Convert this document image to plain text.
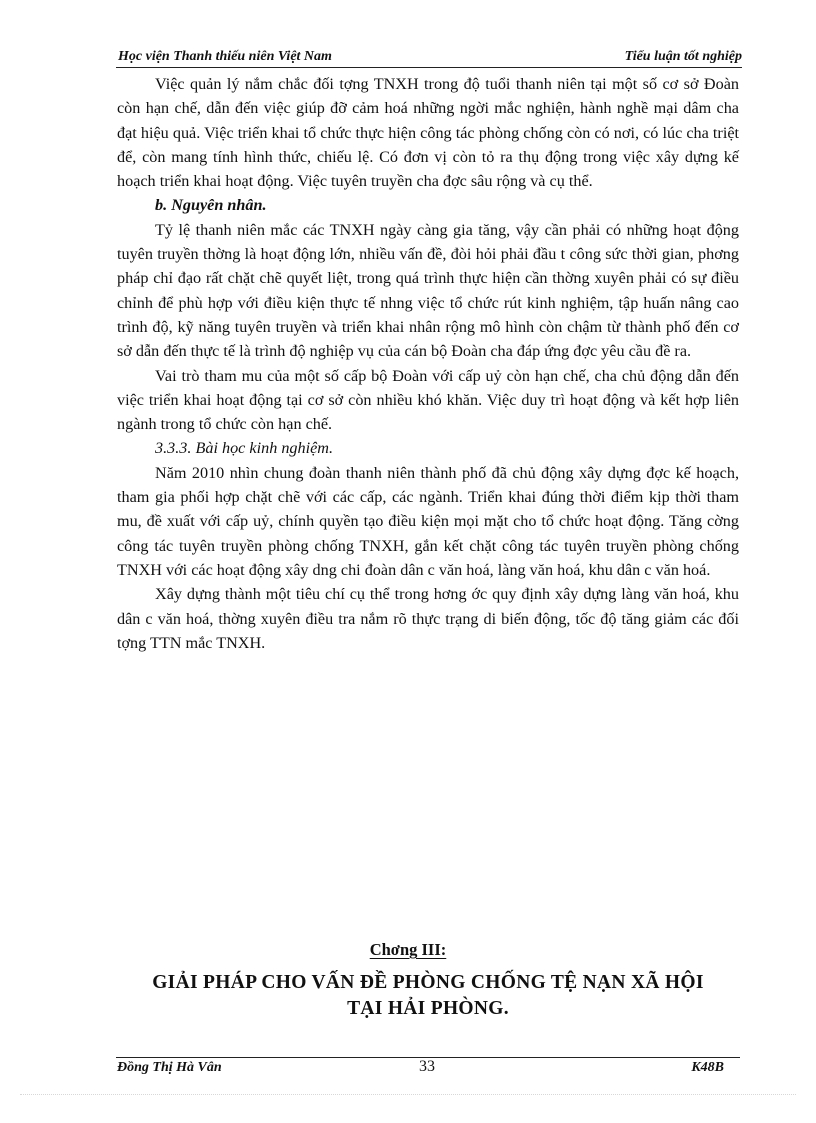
Học viện Thanh thiếu niên Việt Nam	Tiểu luận tốt nghiệp

Việc quản lý nắm chắc đối tợng TNXH trong độ tuổi thanh niên tại một số cơ sở Đoàn còn hạn chế, dẫn đến việc giúp đỡ cảm hoá những ngời mắc nghiện, hành nghề mại dâm cha đạt hiệu quả. Việc triển khai tổ chức thực hiện công tác phòng chống còn có nơi, có lúc cha triệt để, còn mang tính hình thức, chiếu lệ. Có đơn vị còn tỏ ra thụ động trong việc xây dựng kế hoạch triển khai hoạt động. Việc tuyên truyền cha đợc sâu rộng và cụ thể.

b. Nguyên nhân.

Tỷ lệ thanh niên mắc các TNXH ngày càng gia tăng, vậy cần phải có những hoạt động tuyên truyền thờng là hoạt động lớn, nhiều vấn đề, đòi hỏi phải đầu t công sức thời gian, phơng pháp chỉ đạo rất chặt chẽ quyết liệt, trong quá trình thực hiện cần thờng xuyên phải có sự điều chỉnh để phù hợp với điều kiện thực tế nhng việc tổ chức rút kinh nghiệm, tập huấn nâng cao trình độ, kỹ năng tuyên truyền và triển khai nhân rộng mô hình còn chậm từ thành phố đến cơ sở dẫn đến thực tế là trình độ nghiệp vụ của cán bộ Đoàn cha đáp ứng đợc yêu cầu đề ra.

Vai trò tham mu của một số cấp bộ Đoàn với cấp uỷ còn hạn chế, cha chủ động dẫn đến việc triển khai hoạt động tại cơ sở còn nhiều khó khăn. Việc duy trì hoạt động và kết hợp liên ngành trong tổ chức còn hạn chế.

3.3.3. Bài học kinh nghiệm.

Năm 2010 nhìn chung đoàn thanh niên thành phố đã chủ động xây dựng đợc kế hoạch, tham gia phối hợp chặt chẽ với các cấp, các ngành. Triển khai đúng thời điểm kịp thời tham mu, đề xuất với cấp uỷ, chính quyền tạo điều kiện mọi mặt cho tổ chức hoạt động. Tăng cờng công tác tuyên truyền phòng chống TNXH, gắn kết chặt công tác tuyên truyền phòng chống TNXH với các hoạt động xây dng chi đoàn dân c văn hoá, làng văn hoá, khu dân c văn hoá.

Xây dựng thành một tiêu chí cụ thể trong hơng ớc quy định xây dựng làng văn hoá, khu dân c văn hoá, thờng xuyên điều tra nắm rõ thực trạng di biến động, tốc độ tăng giảm các đối tợng TTN mắc TNXH.

Chơng III:
GIẢI PHÁP CHO VẤN ĐỀ PHÒNG CHỐNG TỆ NẠN XÃ HỘI
TẠI HẢI PHÒNG.
Đồng Thị Hà Vân	33	K48B
